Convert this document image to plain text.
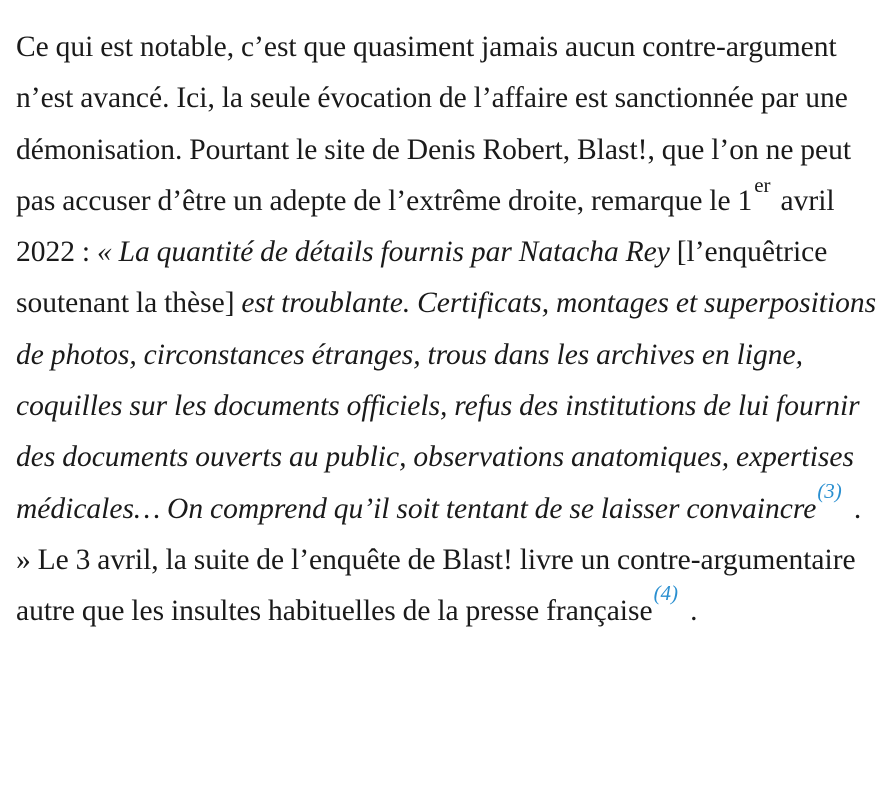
Ce qui est notable, c’est que quasiment jamais aucun contre-argument n’est avancé. Ici, la seule évocation de l’affaire est sanctionnée par une démonisation. Pourtant le site de Denis Robert, Blast!, que l’on ne peut pas accuser d’être un adepte de l’extrême droite, remarque le 1er avril 2022 : « La quantité de détails fournis par Natacha Rey [l’enquêtrice soutenant la thèse] est troublante. Certificats, montages et superpositions de photos, circonstances étranges, trous dans les archives en ligne, coquilles sur les documents officiels, refus des institutions de lui fournir des documents ouverts au public, observations anatomiques, expertises médicales… On comprend qu’il soit tentant de se laisser convaincre$^{(3)}$. » Le 3 avril, la suite de l’enquête de Blast! livre un contre-argumentaire autre que les insultes habituelles de la presse française$^{(4)}$.
